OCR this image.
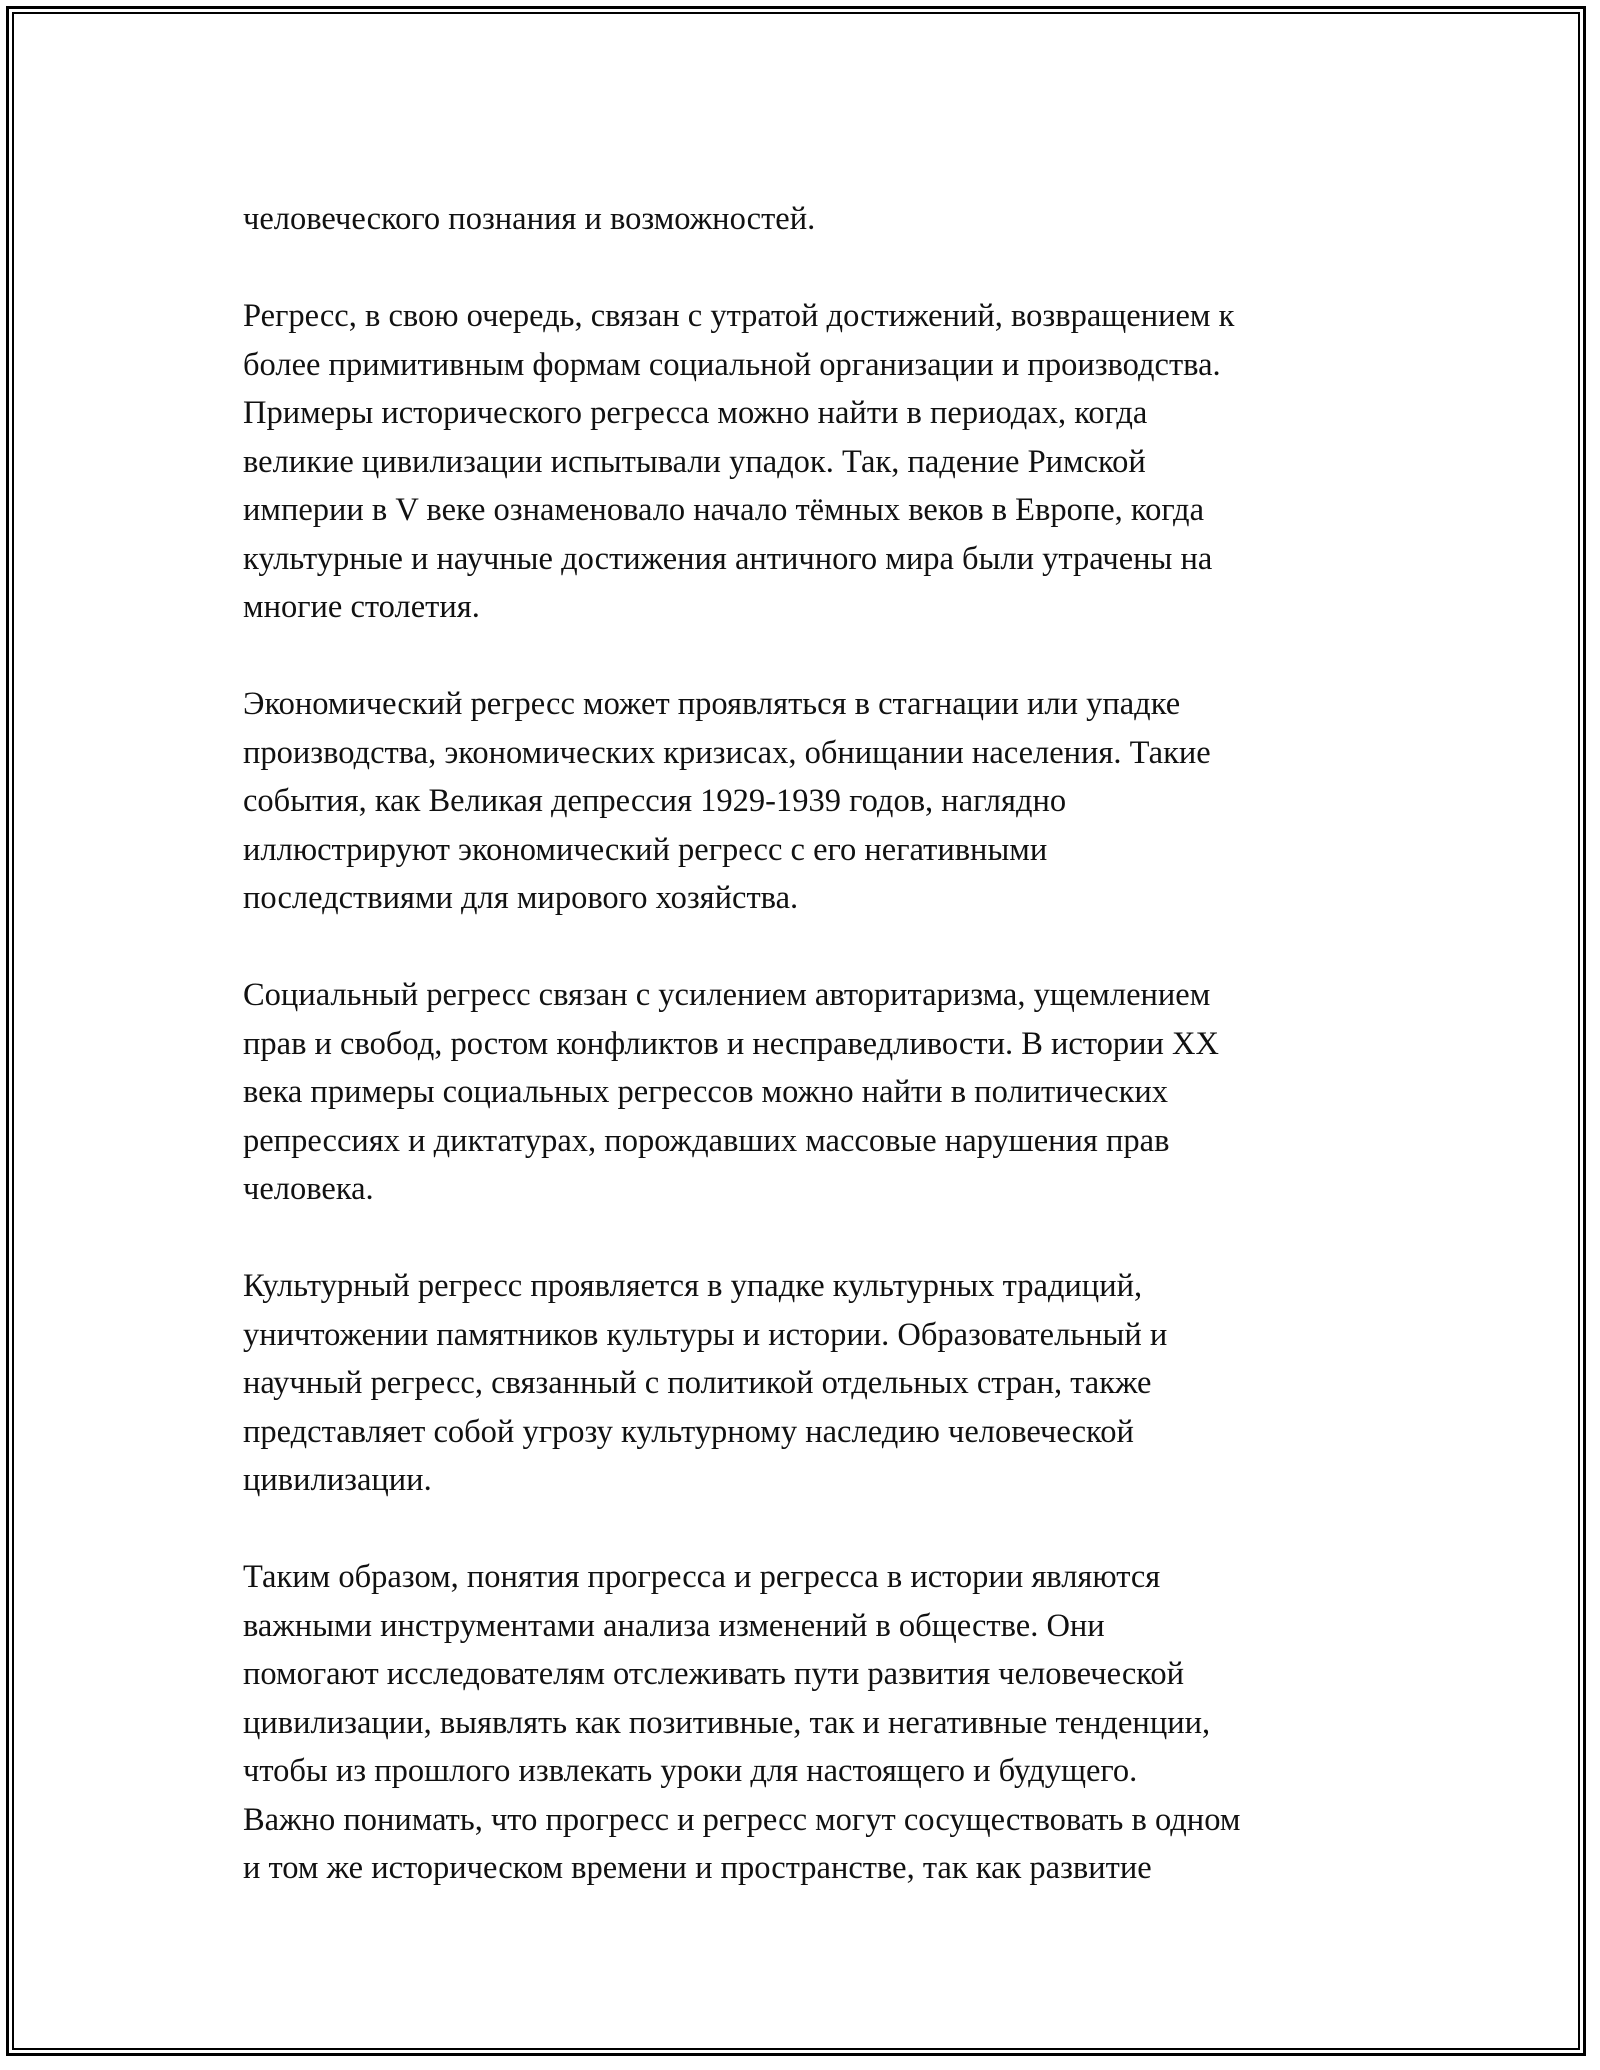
человеческого познания и возможностей.
Регресс, в свою очередь, связан с утратой достижений, возвращением к
более примитивным формам социальной организации и производства.
Примеры исторического регресса можно найти в периодах, когда
великие цивилизации испытывали упадок. Так, падение Римской
империи в V веке ознаменовало начало тёмных веков в Европе, когда
культурные и научные достижения античного мира были утрачены на
многие столетия.
Экономический регресс может проявляться в стагнации или упадке
производства, экономических кризисах, обнищании населения. Такие
события, как Великая депрессия 1929-1939 годов, наглядно
иллюстрируют экономический регресс с его негативными
последствиями для мирового хозяйства.
Социальный регресс связан с усилением авторитаризма, ущемлением
прав и свобод, ростом конфликтов и несправедливости. В истории XX
века примеры социальных регрессов можно найти в политических
репрессиях и диктатурах, порождавших массовые нарушения прав
человека.
Культурный регресс проявляется в упадке культурных традиций,
уничтожении памятников культуры и истории. Образовательный и
научный регресс, связанный с политикой отдельных стран, также
представляет собой угрозу культурному наследию человеческой
цивилизации.
Таким образом, понятия прогресса и регресса в истории являются
важными инструментами анализа изменений в обществе. Они
помогают исследователям отслеживать пути развития человеческой
цивилизации, выявлять как позитивные, так и негативные тенденции,
чтобы из прошлого извлекать уроки для настоящего и будущего.
Важно понимать, что прогресс и регресс могут сосуществовать в одном
и том же историческом времени и пространстве, так как развитие
